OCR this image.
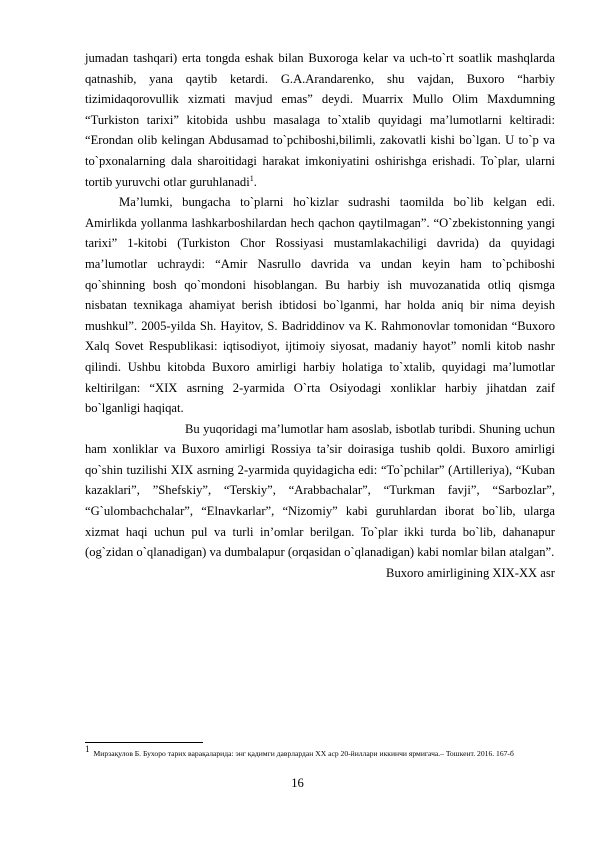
jumadan tashqari) erta tongda eshak bilan Buxoroga kelar va uch-to`rt soatlik mashqlarda qatnashib, yana qaytib ketardi. G.A.Arandarenko, shu vajdan, Buxoro “harbiy tizimidaqorovullik xizmati mavjud emas” deydi. Muarrix Mullo Olim Maxdumning “Turkiston tarixi” kitobida ushbu masalaga to`xtalib quyidagi ma’lumotlarni keltiradi: “Erondan olib kelingan Abdusamad to`pchiboshi,bilimli, zakovatli kishi bo`lgan. U to`p va to`pxonalarning dala sharoitidagi harakat imkoniyatini oshirishga erishadi. To`plar, ularni tortib yuruvchi otlar guruhlanadi$^1$.

Ma’lumki, bungacha to`plarni ho`kizlar sudrashi taomilda bo`lib kelgan edi. Amirlikda yollanma lashkarboshilardan hech qachon qaytilmagan”. “O`zbekistonning yangi tarixi” 1-kitobi (Turkiston Chor Rossiyasi mustamlakachiligi davrida) da quyidagi ma’lumotlar uchraydi: “Amir Nasrullo davrida va undan keyin ham to`pchiboshi qo`shinning bosh qo`mondoni hisoblangan. Bu harbiy ish muvozanatida otliq qismga nisbatan texnikaga ahamiyat berish ibtidosi bo`lganmi, har holda aniq bir nima deyish mushkul”. 2005-yilda Sh. Hayitov, S. Badriddinov va K. Rahmonovlar tomonidan “Buxoro Xalq Sovet Respublikasi: iqtisodiyot, ijtimoiy siyosat, madaniy hayot” nomli kitob nashr qilindi. Ushbu kitobda Buxoro amirligi harbiy holatiga to`xtalib, quyidagi ma’lumotlar keltirilgan: “XIX asrning 2-yarmida O`rta Osiyodagi xonliklar harbiy jihatdan zaif bo`lganligi haqiqat.

Bu yuqoridagi ma’lumotlar ham asoslab, isbotlab turibdi. Shuning uchun ham xonliklar va Buxoro amirligi Rossiya ta’sir doirasiga tushib qoldi. Buxoro amirligi qo`shin tuzilishi XIX asrning 2-yarmida quyidagicha edi: “To`pchilar” (Artilleriya), “Kuban kazaklari”, ”Shefskiy”, “Terskiy”, “Arabbachalar”, “Turkman favji”, “Sarbozlar”, “G`ulombachchalar”, “Elnavkarlar”, “Nizomiy” kabi guruhlardan iborat bo`lib, ularga xizmat haqi uchun pul va turli in’omlar berilgan. To`plar ikki turda bo`lib, dahanapur (og`zidan o`qlanadigan) va dumbalapur (orqasidan o`qlanadigan) kabi nomlar bilan atalgan”.

Buxoro amirligining XIX-XX asr

1 Мирзақулов Б. Бухоро тарих варақаларида: энг қадимги даврлардан XX аср 20-йиллари иккинчи ярмигача.– Тошкент. 2016. 167-б
16
